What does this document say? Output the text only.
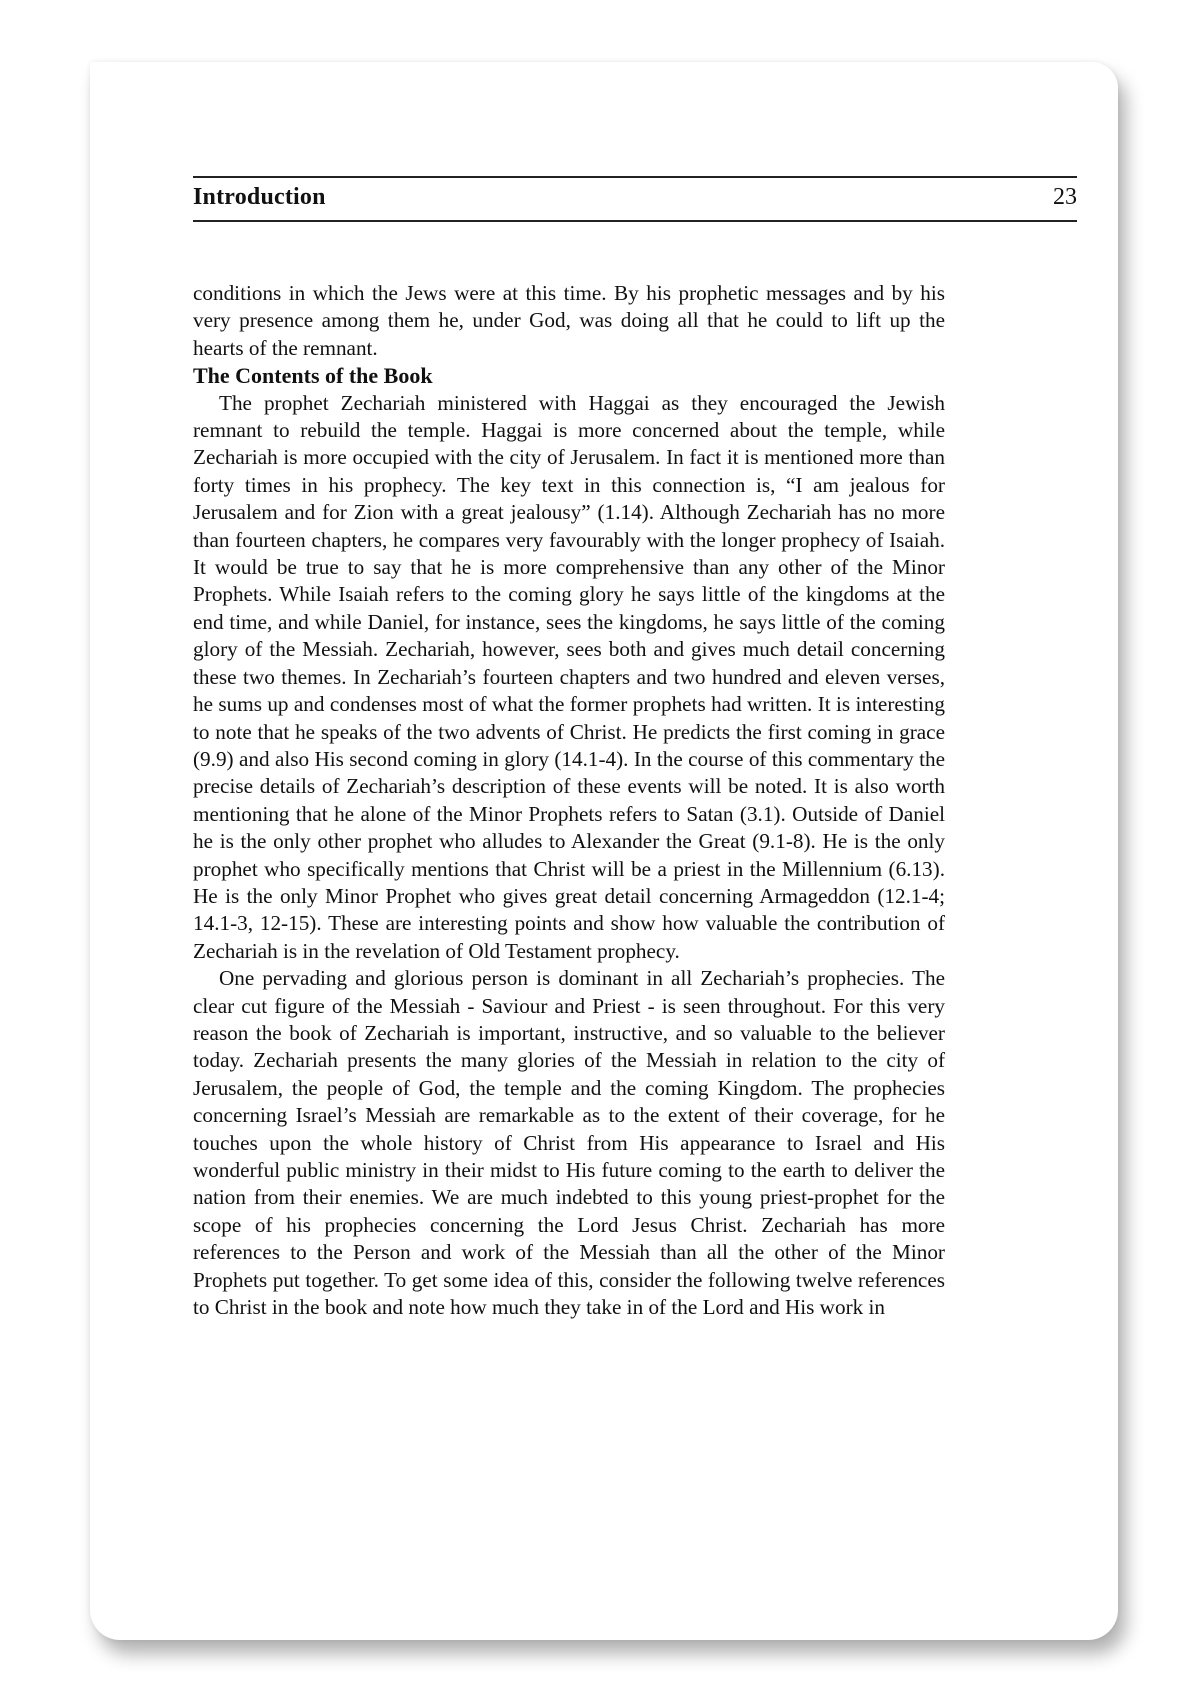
Introduction	23

conditions in which the Jews were at this time. By his prophetic messages and by his very presence among them he, under God, was doing all that he could to lift up the hearts of the remnant.

The Contents of the Book

The prophet Zechariah ministered with Haggai as they encouraged the Jewish remnant to rebuild the temple. Haggai is more concerned about the temple, while Zechariah is more occupied with the city of Jerusalem. In fact it is mentioned more than forty times in his prophecy. The key text in this connection is, “I am jealous for Jerusalem and for Zion with a great jealousy” (1.14). Although Zechariah has no more than fourteen chapters, he compares very favourably with the longer prophecy of Isaiah. It would be true to say that he is more comprehensive than any other of the Minor Prophets. While Isaiah refers to the coming glory he says little of the kingdoms at the end time, and while Daniel, for instance, sees the kingdoms, he says little of the coming glory of the Messiah. Zechariah, however, sees both and gives much detail concerning these two themes. In Zechariah’s fourteen chapters and two hundred and eleven verses, he sums up and condenses most of what the former prophets had written. It is interesting to note that he speaks of the two advents of Christ. He predicts the first coming in grace (9.9) and also His second coming in glory (14.1-4). In the course of this commentary the precise details of Zechariah’s description of these events will be noted. It is also worth mentioning that he alone of the Minor Prophets refers to Satan (3.1). Outside of Daniel he is the only other prophet who alludes to Alexander the Great (9.1-8). He is the only prophet who specifically mentions that Christ will be a priest in the Millennium (6.13). He is the only Minor Prophet who gives great detail concerning Armageddon (12.1-4; 14.1-3, 12-15). These are interesting points and show how valuable the contribution of Zechariah is in the revelation of Old Testament prophecy.

One pervading and glorious person is dominant in all Zechariah’s prophecies. The clear cut figure of the Messiah - Saviour and Priest - is seen throughout. For this very reason the book of Zechariah is important, instructive, and so valuable to the believer today. Zechariah presents the many glories of the Messiah in relation to the city of Jerusalem, the people of God, the temple and the coming Kingdom. The prophecies concerning Israel’s Messiah are remarkable as to the extent of their coverage, for he touches upon the whole history of Christ from His appearance to Israel and His wonderful public ministry in their midst to His future coming to the earth to deliver the nation from their enemies. We are much indebted to this young priest-prophet for the scope of his prophecies concerning the Lord Jesus Christ. Zechariah has more references to the Person and work of the Messiah than all the other of the Minor Prophets put together. To get some idea of this, consider the following twelve references to Christ in the book and note how much they take in of the Lord and His work in
